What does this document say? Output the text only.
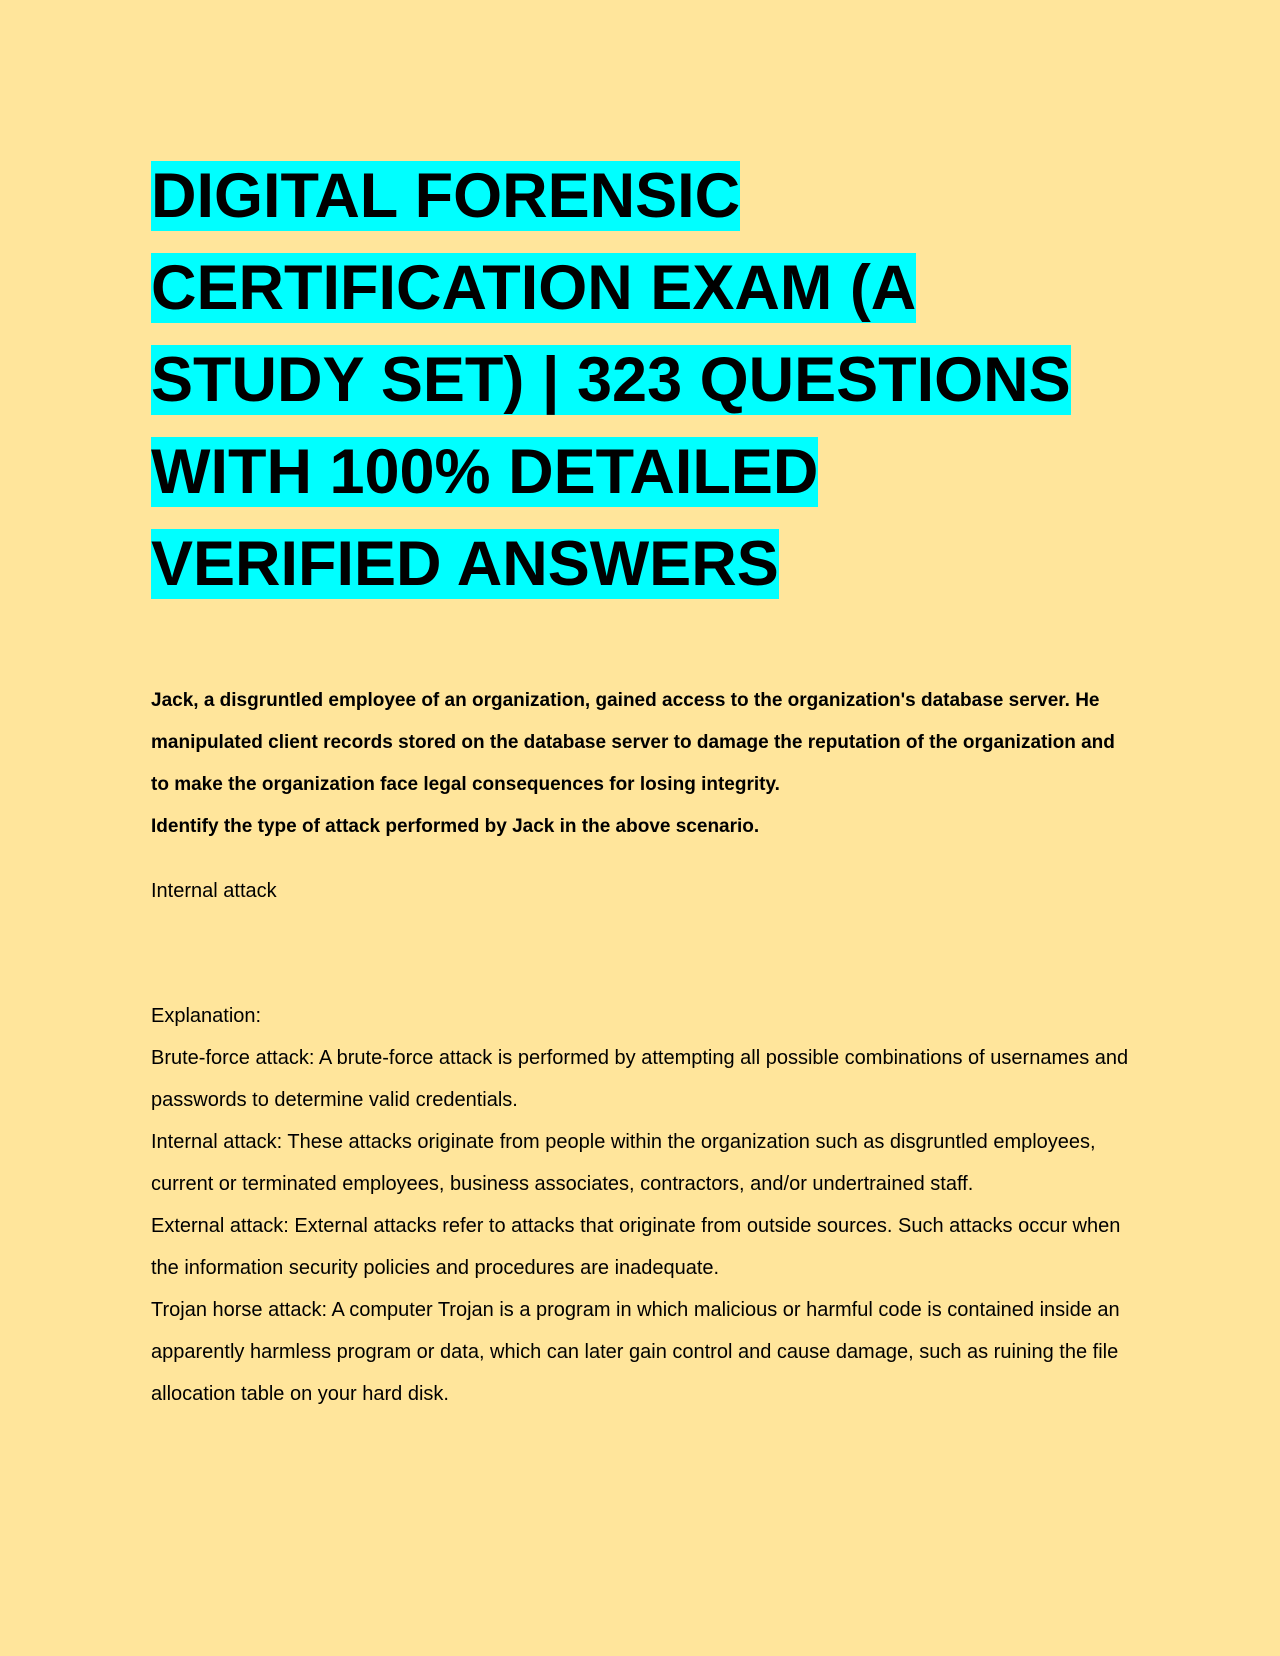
DIGITAL FORENSIC CERTIFICATION EXAM (A STUDY SET) | 323 QUESTIONS WITH 100% DETAILED VERIFIED ANSWERS

Jack, a disgruntled employee of an organization, gained access to the organization's database server. He manipulated client records stored on the database server to damage the reputation of the organization and to make the organization face legal consequences for losing integrity.

Identify the type of attack performed by Jack in the above scenario.

Internal attack

Explanation:

Brute-force attack: A brute-force attack is performed by attempting all possible combinations of usernames and passwords to determine valid credentials.

Internal attack: These attacks originate from people within the organization such as disgruntled employees, current or terminated employees, business associates, contractors, and/or undertrained staff.

External attack: External attacks refer to attacks that originate from outside sources. Such attacks occur when the information security policies and procedures are inadequate.

Trojan horse attack: A computer Trojan is a program in which malicious or harmful code is contained inside an apparently harmless program or data, which can later gain control and cause damage, such as ruining the file allocation table on your hard disk.
